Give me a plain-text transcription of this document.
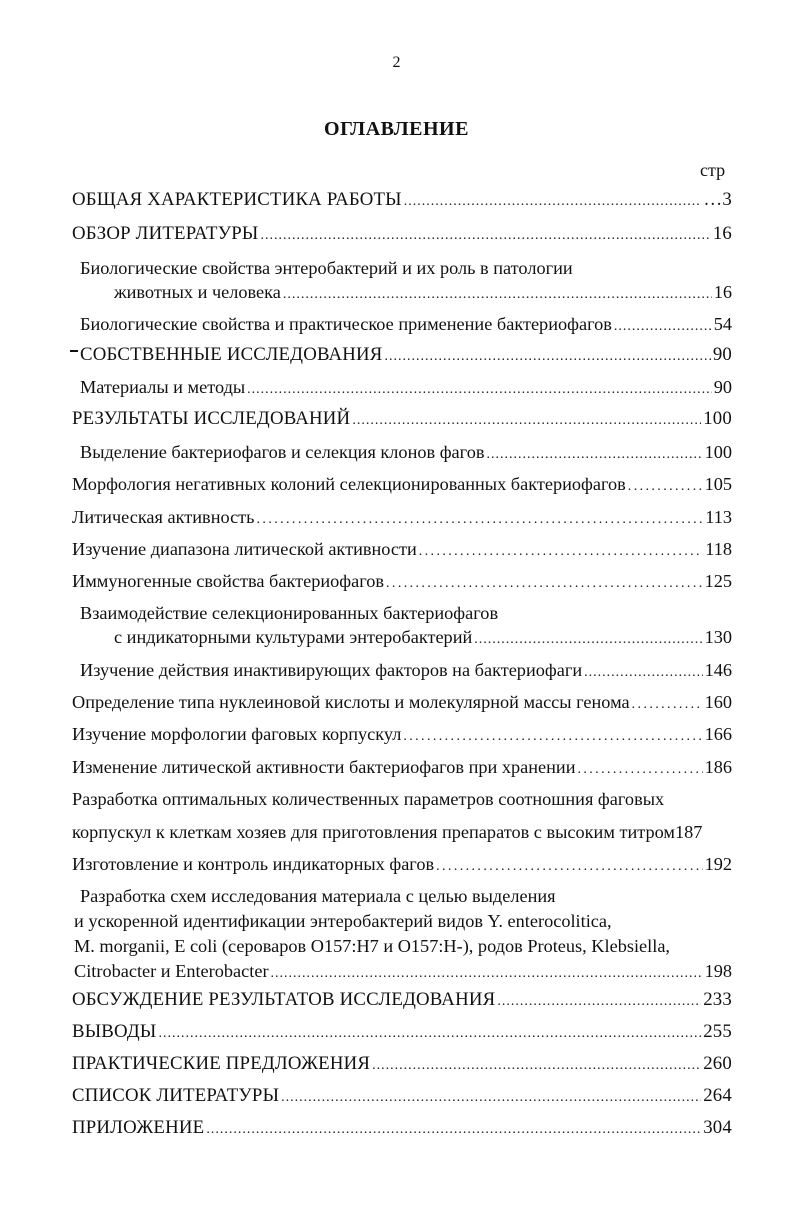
2
ОГЛАВЛЕНИЕ
стр
ОБЩАЯ ХАРАКТЕРИСТИКА РАБОТЫ .....	…3
ОБЗОР ЛИТЕРАТУРЫ .....	16
Биологические свойства энтеробактерий и их роль в патологии
животных и человека .....	16
Биологические свойства и практическое применение бактериофагов .....	54
СОБСТВЕННЫЕ ИССЛЕДОВАНИЯ .....	90
Материалы и методы .....	90
РЕЗУЛЬТАТЫ ИССЛЕДОВАНИЙ .....	100
Выделение бактериофагов и селекция клонов фагов .....	100
Морфология негативных колоний селекционированных бактериофагов .....	105
Литическая активность .....	113
Изучение диапазона литической активности .....	118
Иммуногенные свойства бактериофагов .....	125
Взаимодействие селекционированных бактериофагов
с индикаторными культурами энтеробактерий .....	130
Изучение действия инактивирующих факторов на бактериофаги .....	146
Определение типа нуклеиновой кислоты и молекулярной массы генома .....	160
Изучение морфологии фаговых корпускул .....	166
Изменение литической активности бактериофагов при хранении .....	186
Разработка оптимальных количественных параметров соотношния фаговых
корпускул к клеткам хозяев для приготовления препаратов с высоким титром 187
Изготовление и контроль индикаторных фагов .....	192
Разработка схем исследования материала с целью выделения
и ускоренной идентификации энтеробактерий видов Y. enterocolitica,
M. morganii, E coli (сероваров O157:H7 и O157:H-), родов Proteus, Klebsiella,
Citrobacter и Enterobacter .....	198
ОБСУЖДЕНИЕ РЕЗУЛЬТАТОВ ИССЛЕДОВАНИЯ .....	233
ВЫВОДЫ .....	255
ПРАКТИЧЕСКИЕ ПРЕДЛОЖЕНИЯ .....	260
СПИСОК ЛИТЕРАТУРЫ .....	264
ПРИЛОЖЕНИЕ .....	304
